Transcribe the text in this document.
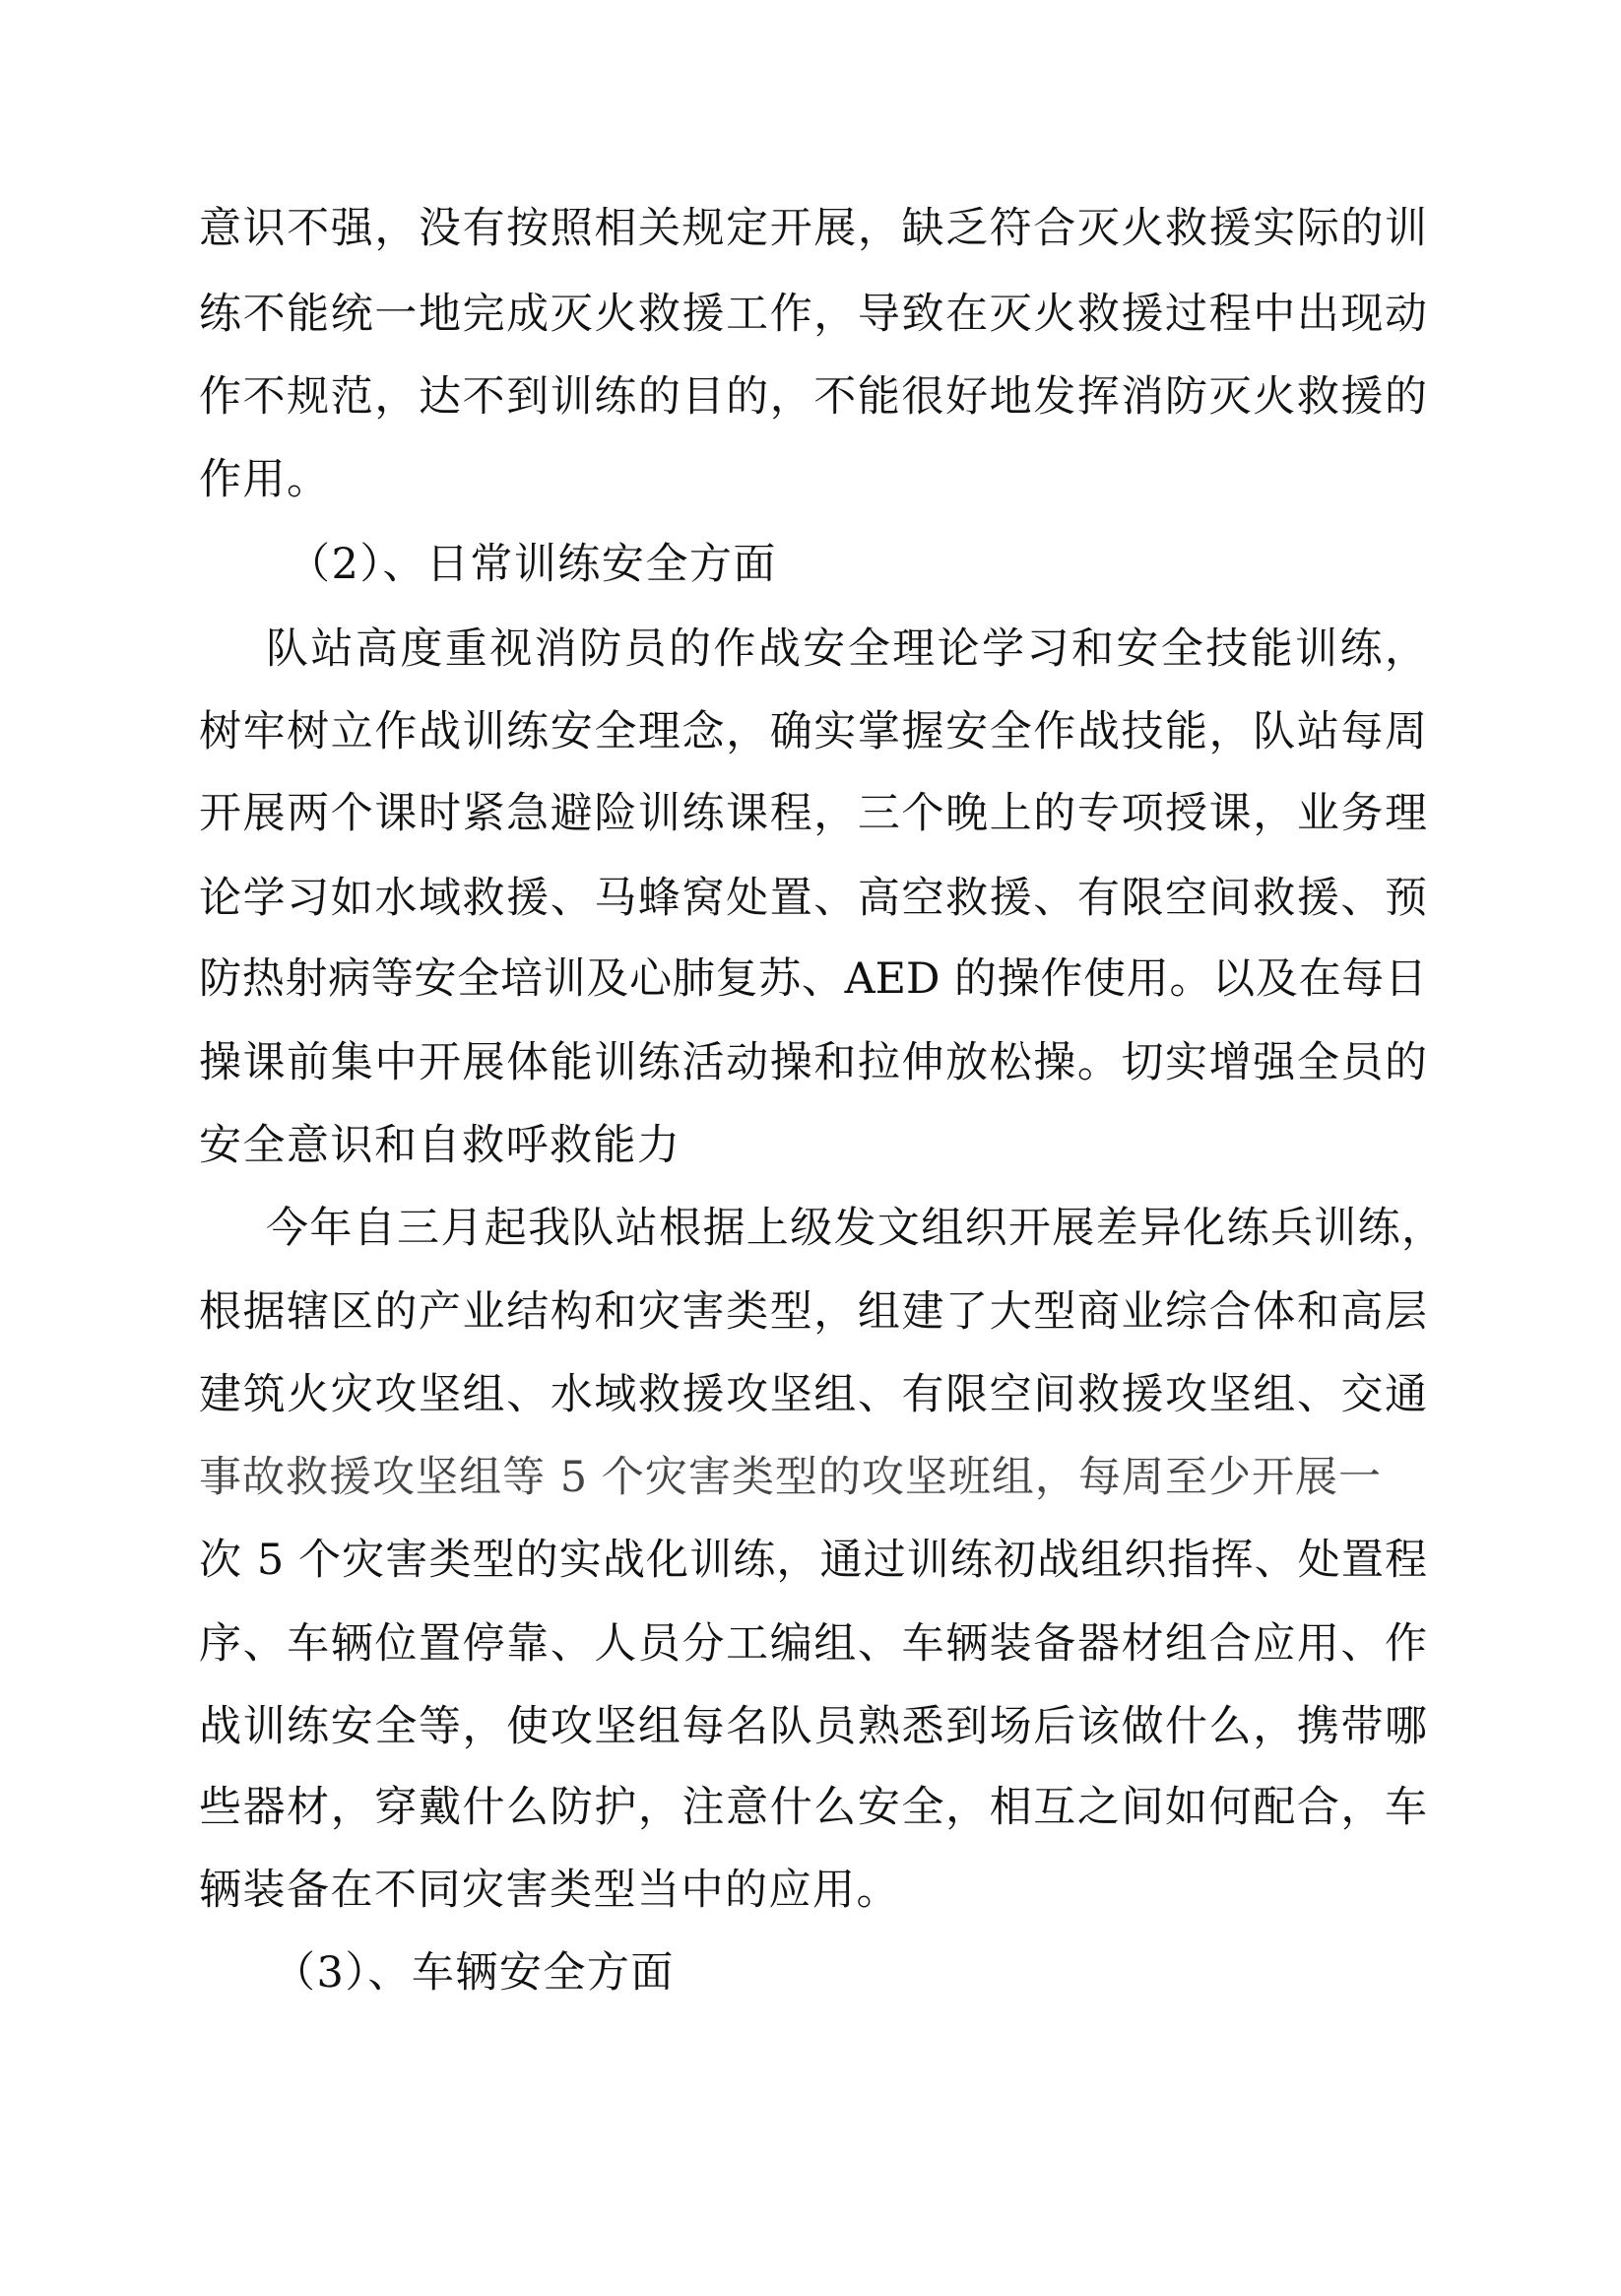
意识不强，没有按照相关规定开展，缺乏符合灭火救援实际的训
练不能统一地完成灭火救援工作，导致在灭火救援过程中出现动
作不规范，达不到训练的目的，不能很好地发挥消防灭火救援的
作用。
（2）、日常训练安全方面
队站高度重视消防员的作战安全理论学习和安全技能训练，
树牢树立作战训练安全理念，确实掌握安全作战技能，队站每周
开展两个课时紧急避险训练课程，三个晚上的专项授课，业务理
论学习如水域救援、马蜂窝处置、高空救援、有限空间救援、预
防热射病等安全培训及心肺复苏、AED 的操作使用。以及在每日
操课前集中开展体能训练活动操和拉伸放松操。切实增强全员的
安全意识和自救呼救能力
今年自三月起我队站根据上级发文组织开展差异化练兵训练，
根据辖区的产业结构和灾害类型，组建了大型商业综合体和高层
建筑火灾攻坚组、水域救援攻坚组、有限空间救援攻坚组、交通
事故救援攻坚组等 5 个灾害类型的攻坚班组，每周至少开展一
次 5 个灾害类型的实战化训练，通过训练初战组织指挥、处置程
序、车辆位置停靠、人员分工编组、车辆装备器材组合应用、作
战训练安全等，使攻坚组每名队员熟悉到场后该做什么，携带哪
些器材，穿戴什么防护，注意什么安全，相互之间如何配合，车
辆装备在不同灾害类型当中的应用。
（3）、车辆安全方面
